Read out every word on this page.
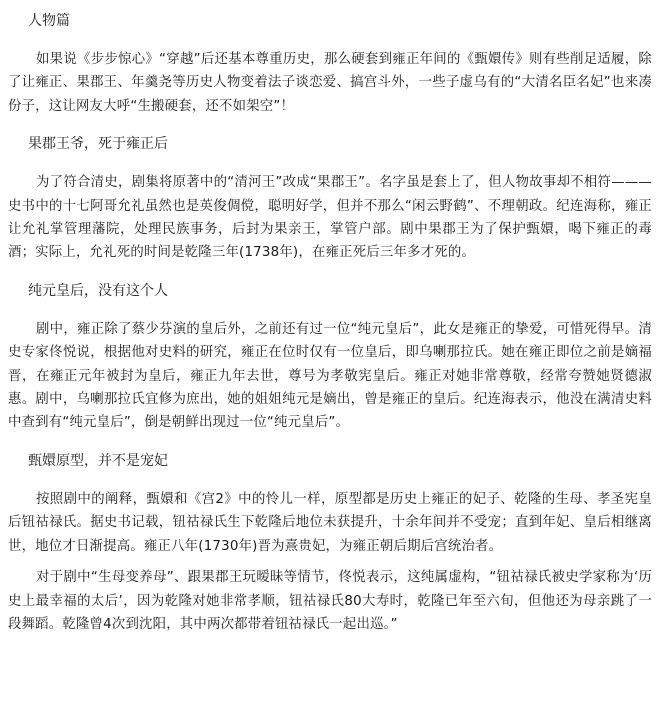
人物篇

如果说《步步惊心》“穿越”后还基本尊重历史，那么硬套到雍正年间的《甄嬛传》则有些削足适履，除了让雍正、果郡王、年羹尧等历史人物变着法子谈恋爱、搞宫斗外，一些子虚乌有的“大清名臣名妃”也来凑份子，这让网友大呼“生搬硬套，还不如架空”！

果郡王爷，死于雍正后

为了符合清史，剧集将原著中的“清河王”改成“果郡王”。名字虽是套上了，但人物故事却不相符———史书中的十七阿哥允礼虽然也是英俊倜傥，聪明好学，但并不那么“闲云野鹤”、不理朝政。纪连海称，雍正让允礼掌管理藩院，处理民族事务，后封为果亲王，掌管户部。剧中果郡王为了保护甄嬛，喝下雍正的毒酒；实际上，允礼死的时间是乾隆三年(1738年)，在雍正死后三年多才死的。

纯元皇后，没有这个人

剧中，雍正除了蔡少芬演的皇后外，之前还有过一位“纯元皇后”，此女是雍正的挚爱，可惜死得早。清史专家佟悦说，根据他对史料的研究，雍正在位时仅有一位皇后，即乌喇那拉氏。她在雍正即位之前是嫡福晋，在雍正元年被封为皇后，雍正九年去世，尊号为孝敬宪皇后。雍正对她非常尊敬，经常夸赞她贤德淑惠。剧中，乌喇那拉氏宜修为庶出，她的姐姐纯元是嫡出，曾是雍正的皇后。纪连海表示，他没在满清史料中查到有“纯元皇后”，倒是朝鲜出现过一位“纯元皇后”。

甄嬛原型，并不是宠妃

按照剧中的阐释，甄嬛和《宫2》中的怜儿一样，原型都是历史上雍正的妃子、乾隆的生母、孝圣宪皇后钮祜禄氏。据史书记载，钮祜禄氏生下乾隆后地位未获提升，十余年间并不受宠；直到年妃、皇后相继离世，地位才日渐提高。雍正八年(1730年)晋为熹贵妃，为雍正朝后期后宫统治者。

对于剧中“生母变养母”、跟果郡王玩暧昧等情节，佟悦表示，这纯属虚构，“钮祜禄氏被史学家称为‘历史上最幸福的太后’，因为乾隆对她非常孝顺，钮祜禄氏80大寿时，乾隆已年至六旬，但他还为母亲跳了一段舞蹈。乾隆曾4次到沈阳，其中两次都带着钮祜禄氏一起出巡。”
